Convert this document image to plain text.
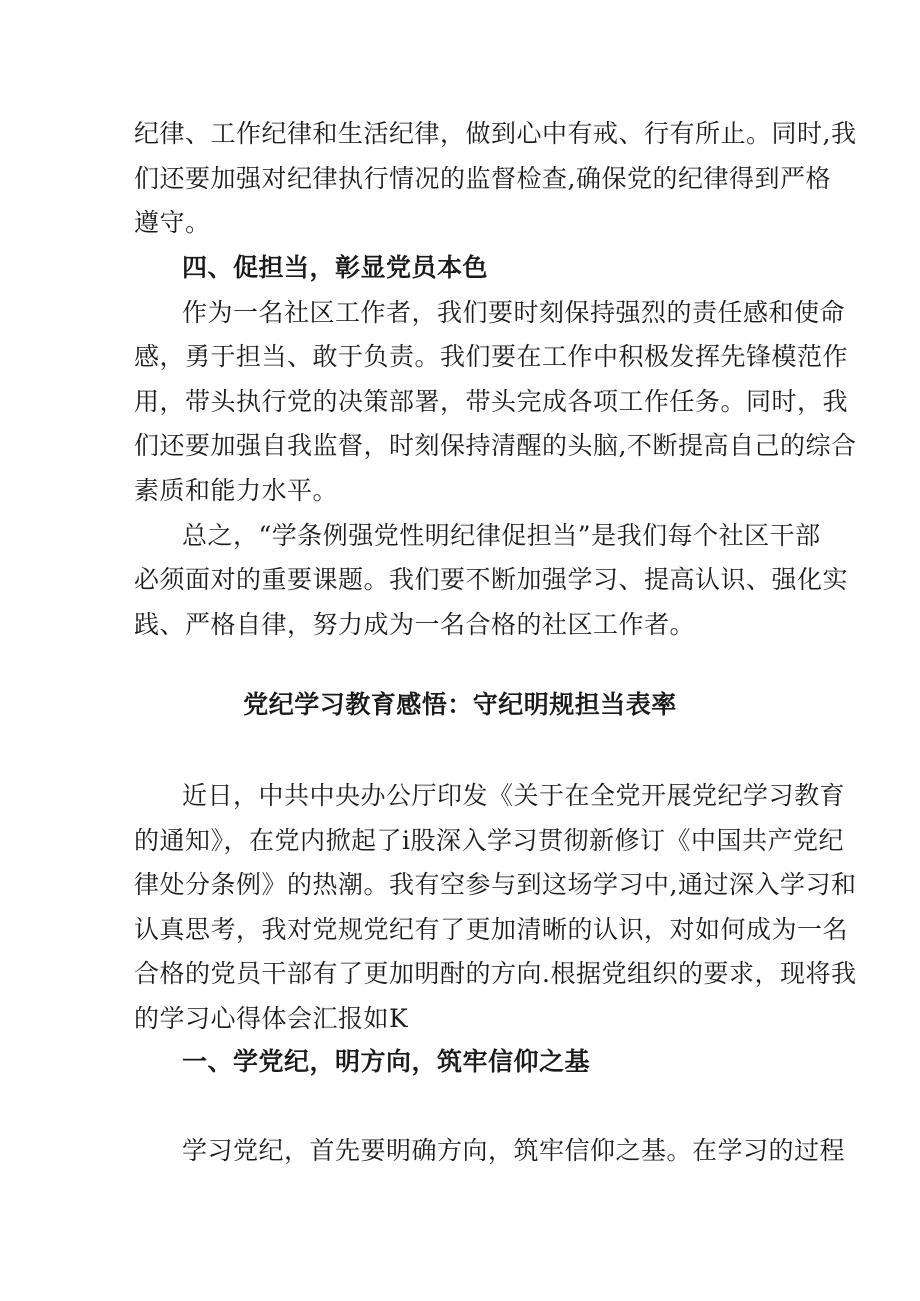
纪律、工作纪律和生活纪律，做到心中有戒、行有所止。同时,我
们还要加强对纪律执行情况的监督检查,确保党的纪律得到严格
遵守。
四、促担当，彰显党员本色
作为一名社区工作者，我们要时刻保持强烈的责任感和使命
感，勇于担当、敢于负责。我们要在工作中积极发挥先锋模范作
用，带头执行党的决策部署，带头完成各项工作任务。同时，我
们还要加强自我监督，时刻保持清醒的头脑,不断提高自己的综合
素质和能力水平。
总之，“学条例强党性明纪律促担当”是我们每个社区干部
必须面对的重要课题。我们要不断加强学习、提高认识、强化实
践、严格自律，努力成为一名合格的社区工作者。
党纪学习教育感悟：守纪明规担当表率
近日，中共中央办公厅印发《关于在全党开展党纪学习教育
的通知》，在党内掀起了i股深入学习贯彻新修订《中国共产党纪
律处分条例》的热潮。我有空参与到这场学习中,通过深入学习和
认真思考，我对党规党纪有了更加清晰的认识，对如何成为一名
合格的党员干部有了更加明酎的方向.根据党组织的要求，现将我
的学习心得体会汇报如K
一、学党纪，明方向，筑牢信仰之基
学习党纪，首先要明确方向，筑牢信仰之基。在学习的过程
